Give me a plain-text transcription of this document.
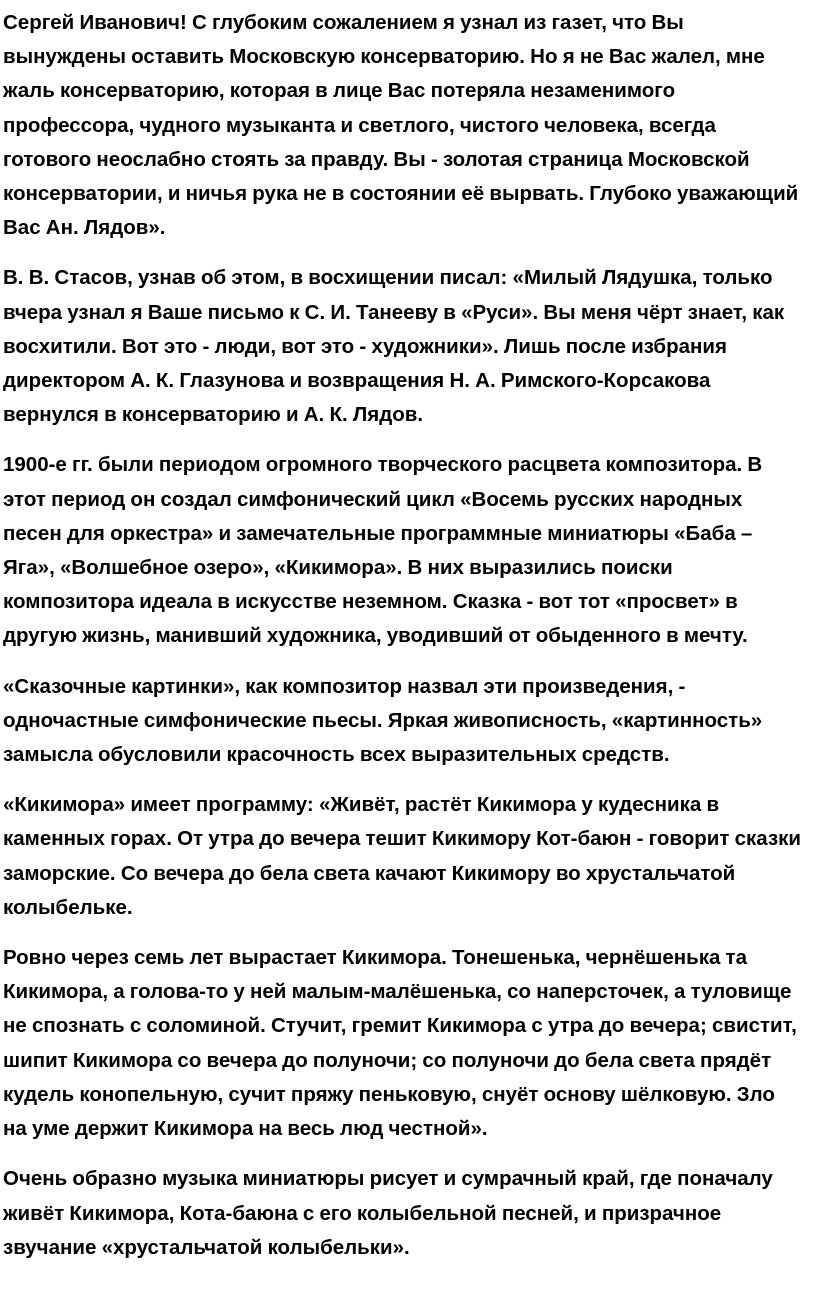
Сергей Иванович! С глубоким сожалением я узнал из газет, что Вы вынуждены оставить Московскую консерваторию. Но я не Вас жалел, мне жаль консерваторию, которая в лице Вас потеряла незаменимого профессора, чудного музыканта и светлого, чистого человека, всегда готового неослабно стоять за правду. Вы - золотая страница Московской консерватории, и ничья рука не в состоянии её вырвать. Глубоко уважающий Вас Ан. Лядов».

В. В. Стасов, узнав об этом, в восхищении писал: «Милый Лядушка, только вчера узнал я Ваше письмо к С. И. Танееву в «Руси». Вы меня чёрт знает, как восхитили. Вот это - люди, вот это - художники». Лишь после избрания директором А. К. Глазунова и возвращения Н. А. Римского-Корсакова вернулся в консерваторию и А. К. Лядов.

1900-е гг. были периодом огромного творческого расцвета композитора. В этот период он создал симфонический цикл «Восемь русских народных песен для оркестра» и замечательные программные миниатюры «Баба – Яга», «Волшебное озеро», «Кикимора». В них выразились поиски композитора идеала в искусстве неземном. Сказка - вот тот «просвет» в другую жизнь, манивший художника, уводивший от обыденного в мечту.

«Сказочные картинки», как композитор назвал эти произведения, - одночастные симфонические пьесы. Яркая живописность, «картинность» замысла обусловили красочность всех выразительных средств.

«Кикимора» имеет программу: «Живёт, растёт Кикимора у кудесника в каменных горах. От утра до вечера тешит Кикимору Кот-баюн - говорит сказки заморские. Со вечера до бела света качают Кикимору во хрустальчатой колыбельке.

Ровно через семь лет вырастает Кикимора. Тонешенька, чернёшенька та Кикимора, а голова-то у ней малым-малёшенька, со наперсточек, а туловище не спознать с соломиной. Стучит, гремит Кикимора с утра до вечера; свистит, шипит Кикимора со вечера до полуночи; со полуночи до бела света прядёт кудель конопельную, сучит пряжу пеньковую, снуёт основу шёлковую. Зло на уме держит Кикимора на весь люд честной».

Очень образно музыка миниатюры рисует и сумрачный край, где поначалу живёт Кикимора, Кота-баюна с его колыбельной песней, и призрачное звучание «хрустальчатой колыбельки».
